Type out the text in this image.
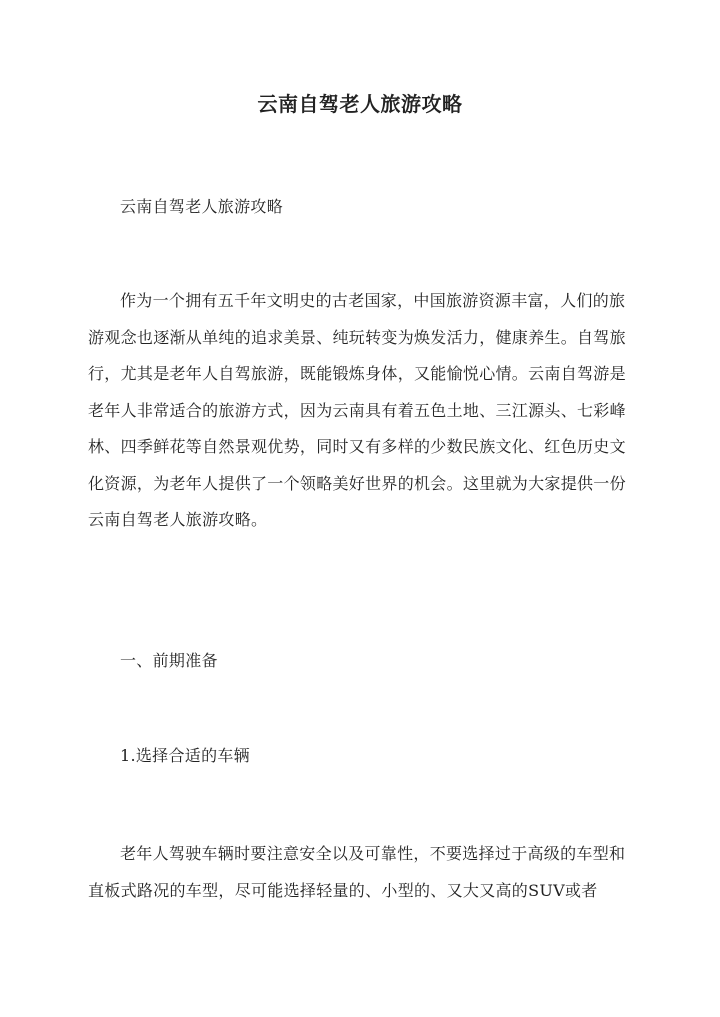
云南自驾老人旅游攻略
云南自驾老人旅游攻略
作为一个拥有五千年文明史的古老国家，中国旅游资源丰富，人们的旅游观念也逐渐从单纯的追求美景、纯玩转变为焕发活力，健康养生。自驾旅行，尤其是老年人自驾旅游，既能锻炼身体，又能愉悦心情。云南自驾游是老年人非常适合的旅游方式，因为云南具有着五色土地、三江源头、七彩峰林、四季鲜花等自然景观优势，同时又有多样的少数民族文化、红色历史文化资源，为老年人提供了一个领略美好世界的机会。这里就为大家提供一份云南自驾老人旅游攻略。
一、前期准备
1.选择合适的车辆
老年人驾驶车辆时要注意安全以及可靠性，不要选择过于高级的车型和直板式路况的车型，尽可能选择轻量的、小型的、又大又高的SUV或者
